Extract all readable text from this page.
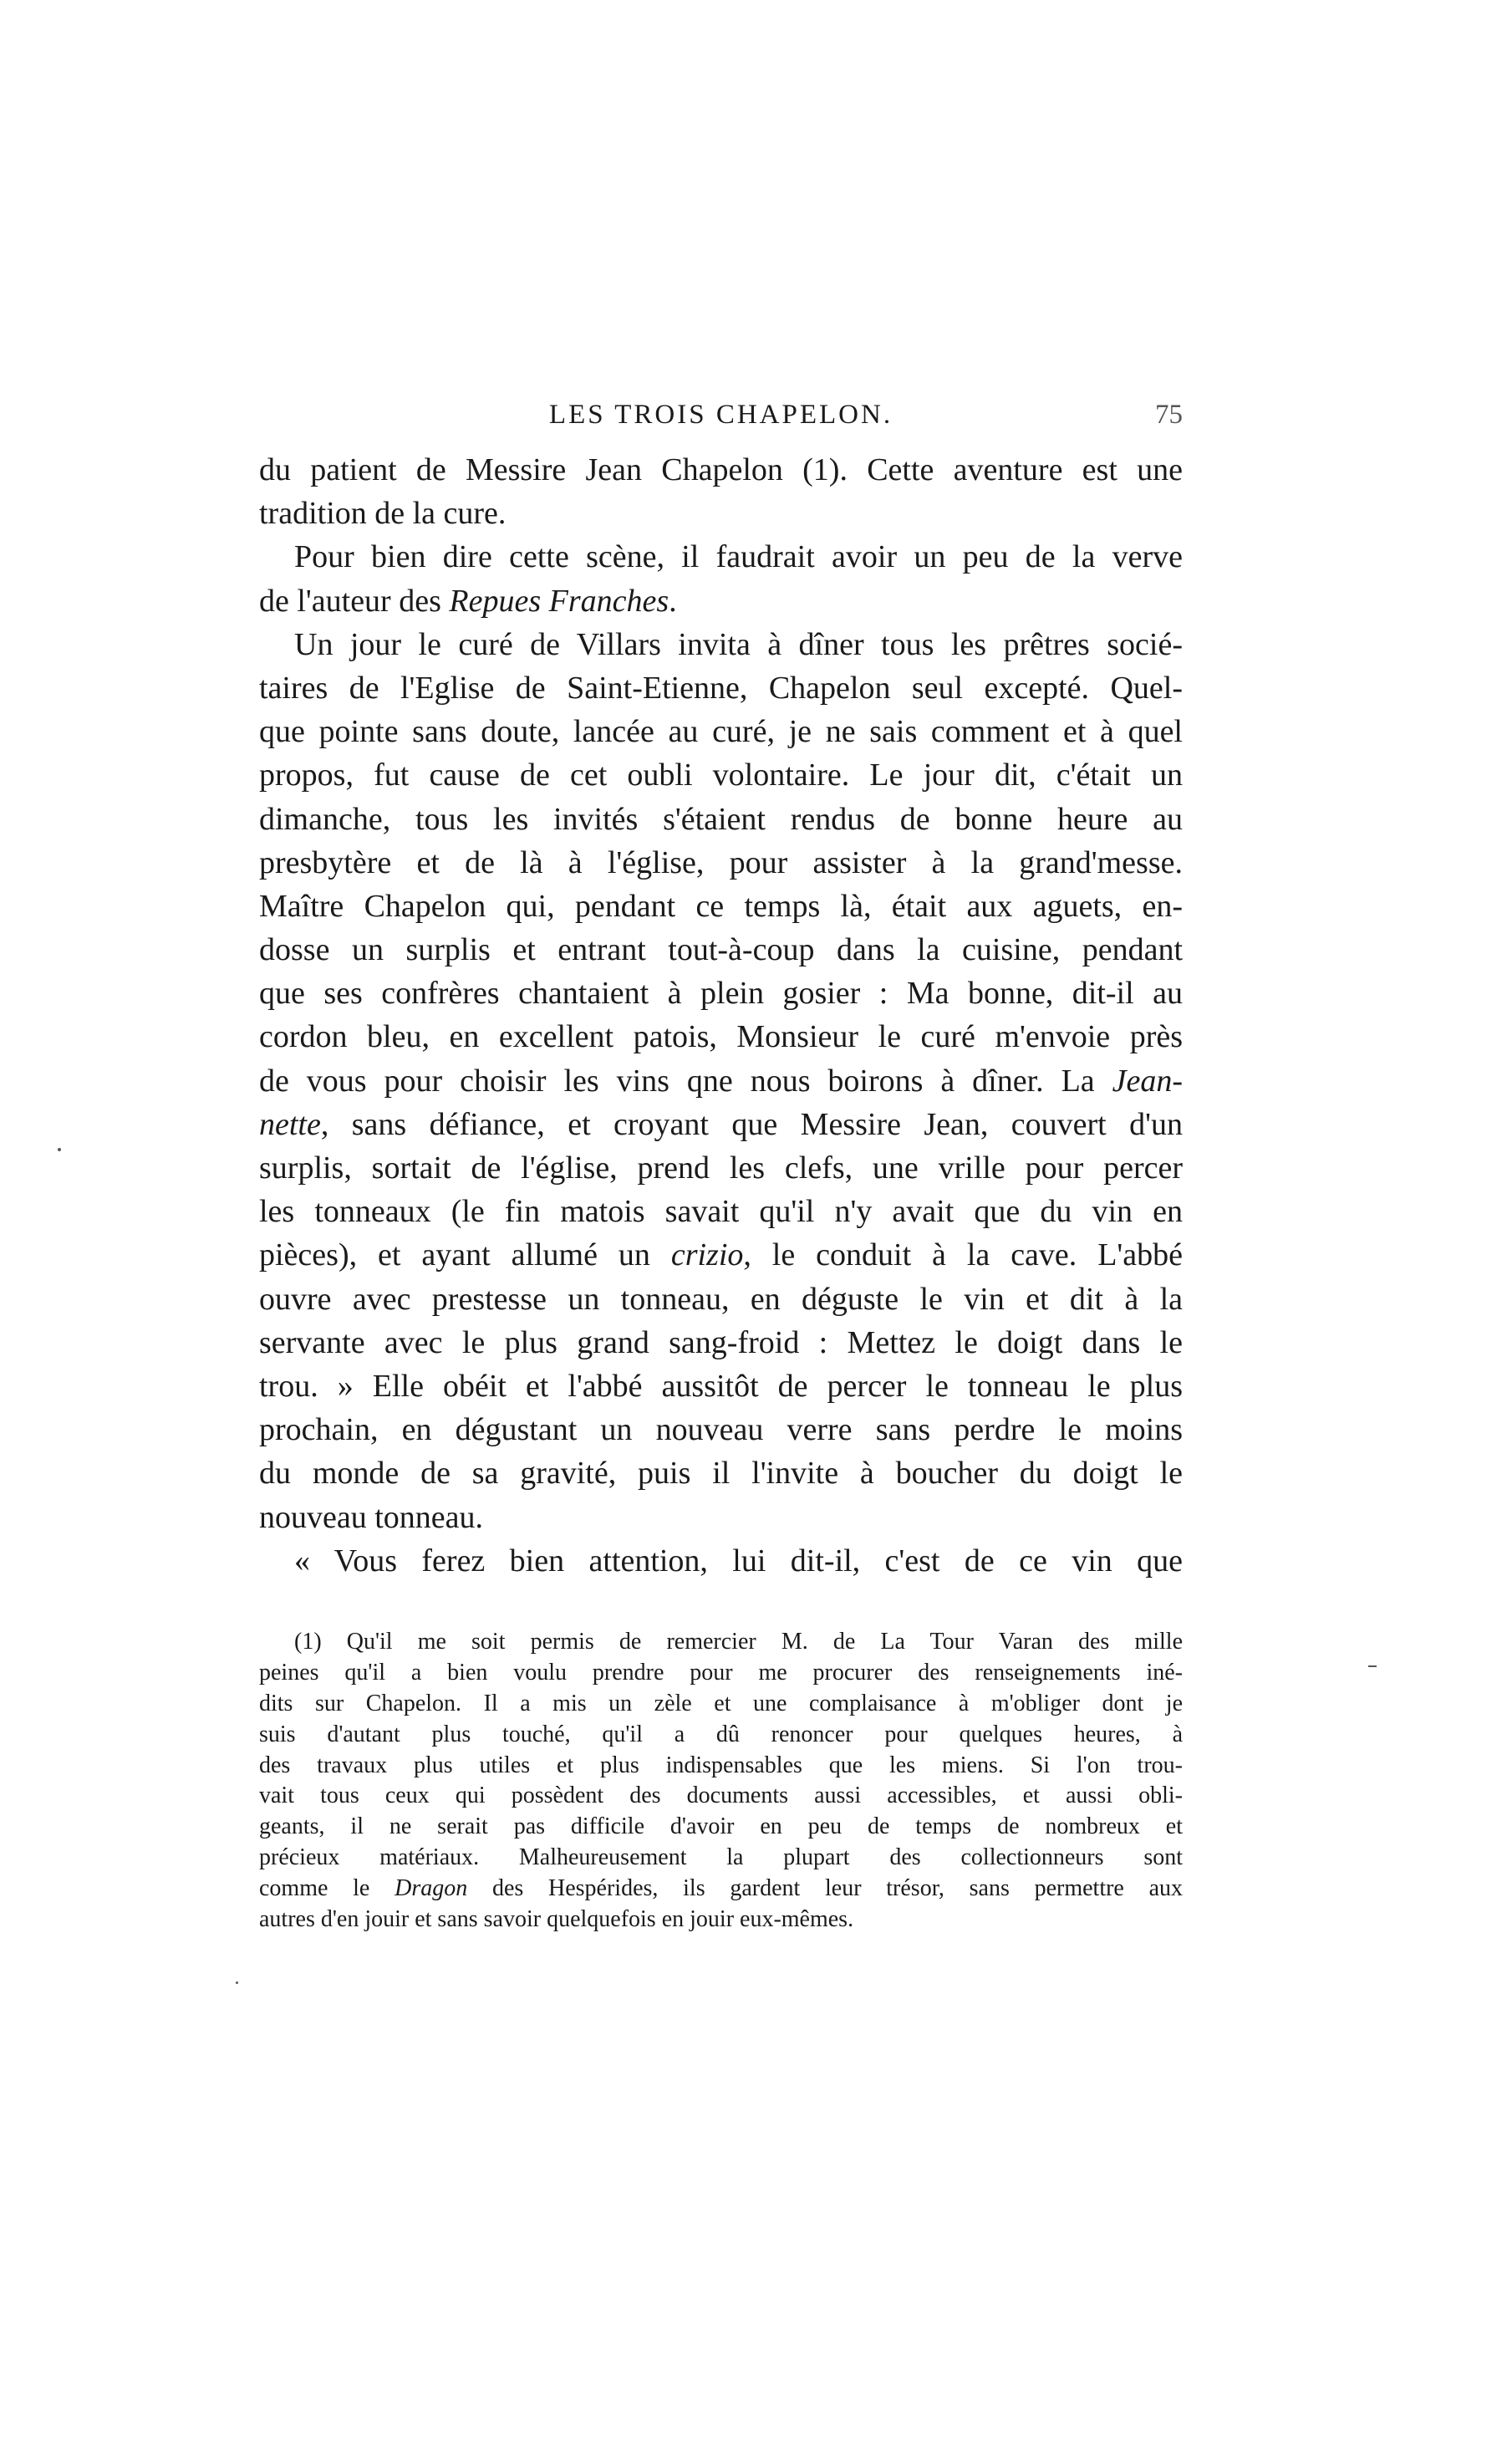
LES TROIS CHAPELON.	75
du patient de Messire Jean Chapelon (1). Cette aventure est une
tradition de la cure.
Pour bien dire cette scène, il faudrait avoir un peu de la verve
de l'auteur des Repues Franches.
Un jour le curé de Villars invita à dîner tous les prêtres socié-
taires de l'Eglise de Saint-Etienne, Chapelon seul excepté. Quel-
que pointe sans doute, lancée au curé, je ne sais comment et à quel
propos, fut cause de cet oubli volontaire. Le jour dit, c'était un
dimanche, tous les invités s'étaient rendus de bonne heure au
presbytère et de là à l'église, pour assister à la grand'messe.
Maître Chapelon qui, pendant ce temps là, était aux aguets, en-
dosse un surplis et entrant tout-à-coup dans la cuisine, pendant
que ses confrères chantaient à plein gosier : Ma bonne, dit-il au
cordon bleu, en excellent patois, Monsieur le curé m'envoie près
de vous pour choisir les vins qne nous boirons à dîner. La Jean-
nette, sans défiance, et croyant que Messire Jean, couvert d'un
surplis, sortait de l'église, prend les clefs, une vrille pour percer
les tonneaux (le fin matois savait qu'il n'y avait que du vin en
pièces), et ayant allumé un crizio, le conduit à la cave. L'abbé
ouvre avec prestesse un tonneau, en déguste le vin et dit à la
servante avec le plus grand sang-froid : Mettez le doigt dans le
trou. » Elle obéit et l'abbé aussitôt de percer le tonneau le plus
prochain, en dégustant un nouveau verre sans perdre le moins
du monde de sa gravité, puis il l'invite à boucher du doigt le
nouveau tonneau.
« Vous ferez bien attention, lui dit-il, c'est de ce vin que
(1) Qu'il me soit permis de remercier M. de La Tour Varan des mille
peines qu'il a bien voulu prendre pour me procurer des renseignements iné-
dits sur Chapelon. Il a mis un zèle et une complaisance à m'obliger dont je
suis d'autant plus touché, qu'il a dû renoncer pour quelques heures, à
des travaux plus utiles et plus indispensables que les miens. Si l'on trou-
vait tous ceux qui possèdent des documents aussi accessibles, et aussi obli-
geants, il ne serait pas difficile d'avoir en peu de temps de nombreux et
précieux matériaux. Malheureusement la plupart des collectionneurs sont
comme le Dragon des Hespérides, ils gardent leur trésor, sans permettre aux
autres d'en jouir et sans savoir quelquefois en jouir eux-mêmes.
